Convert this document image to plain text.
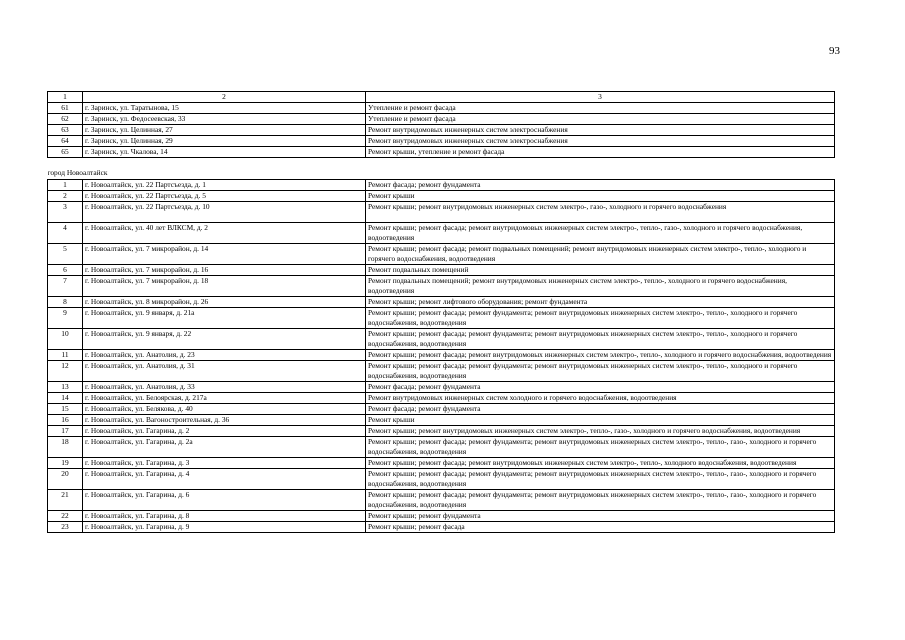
93
1	2	3
61	г. Заринск, ул. Таратынова, 15	Утепление и ремонт фасада
62	г. Заринск, ул. Федосеевская, 33	Утепление и ремонт фасада
63	г. Заринск, ул. Целинная, 27	Ремонт внутридомовых инженерных систем электроснабжения
64	г. Заринск, ул. Целинная, 29	Ремонт внутридомовых инженерных систем электроснабжения
65	г. Заринск, ул. Чкалова, 14	Ремонт крыши, утепление и ремонт фасада

город Новоалтайск		
1	г. Новоалтайск, ул. 22 Партсъезда, д. 1	Ремонт фасада; ремонт фундамента
2	г. Новоалтайск, ул. 22 Партсъезда, д. 5	Ремонт крыши
3	г. Новоалтайск, ул. 22 Партсъезда, д. 10	Ремонт крыши; ремонт внутридомовых инженерных систем электро-, газо-, холодного и горячего водоснабжения
4	г. Новоалтайск, ул. 40 лет ВЛКСМ, д. 2	Ремонт крыши; ремонт фасада; ремонт внутридомовых инженерных систем электро-, тепло-, газо-, холодного и горячего водоснабжения, водоотведения
5	г. Новоалтайск, ул. 7 микрорайон, д. 14	Ремонт крыши; ремонт фасада; ремонт подвальных помещений; ремонт внутридомовых инженерных систем электро-, тепло-, холодного и горячего водоснабжения, водоотведения
6	г. Новоалтайск, ул. 7 микрорайон, д. 16	Ремонт подвальных помещений
7	г. Новоалтайск, ул. 7 микрорайон, д. 18	Ремонт подвальных помещений; ремонт внутридомовых инженерных систем электро-, тепло-, холодного и горячего водоснабжения, водоотведения
8	г. Новоалтайск, ул. 8 микрорайон, д. 26	Ремонт крыши; ремонт лифтового оборудования; ремонт фундамента
9	г. Новоалтайск, ул. 9 января, д. 21а	Ремонт крыши; ремонт фасада; ремонт фундамента; ремонт внутридомовых инженерных систем электро-, тепло-, холодного и горячего водоснабжения, водоотведения
10	г. Новоалтайск, ул. 9 января, д. 22	Ремонт крыши; ремонт фасада; ремонт фундамента; ремонт внутридомовых инженерных систем электро-, тепло-, холодного и горячего водоснабжения, водоотведения
11	г. Новоалтайск, ул. Анатолия, д. 23	Ремонт крыши; ремонт фасада; ремонт внутридомовых инженерных систем электро-, тепло-, холодного и горячего водоснабжения, водоотведения
12	г. Новоалтайск, ул. Анатолия, д. 31	Ремонт крыши; ремонт фасада; ремонт фундамента; ремонт внутридомовых инженерных систем электро-, тепло-, холодного и горячего водоснабжения, водоотведения
13	г. Новоалтайск, ул. Анатолия, д. 33	Ремонт фасада; ремонт фундамента
14	г. Новоалтайск, ул. Белоярская, д. 217а	Ремонт внутридомовых инженерных систем холодного и горячего водоснабжения, водоотведения
15	г. Новоалтайск, ул. Белякова, д. 40	Ремонт фасада; ремонт фундамента
16	г. Новоалтайск, ул. Вагоностроительная, д. 36	Ремонт крыши
17	г. Новоалтайск, ул. Гагарина, д. 2	Ремонт крыши; ремонт внутридомовых инженерных систем электро-, тепло-, газо-, холодного и горячего водоснабжения, водоотведения
18	г. Новоалтайск, ул. Гагарина, д. 2а	Ремонт крыши; ремонт фасада; ремонт фундамента; ремонт внутридомовых инженерных систем электро-, тепло-, газо-, холодного и горячего водоснабжения, водоотведения
19	г. Новоалтайск, ул. Гагарина, д. 3	Ремонт крыши; ремонт фасада; ремонт внутридомовых инженерных систем электро-, тепло-, холодного водоснабжения, водоотведения
20	г. Новоалтайск, ул. Гагарина, д. 4	Ремонт крыши; ремонт фасада; ремонт фундамента; ремонт внутридомовых инженерных систем электро-, тепло-, газо-, холодного и горячего водоснабжения, водоотведения
21	г. Новоалтайск, ул. Гагарина, д. 6	Ремонт крыши; ремонт фасада; ремонт фундамента; ремонт внутридомовых инженерных систем электро-, тепло-, газо-, холодного и горячего водоснабжения, водоотведения
22	г. Новоалтайск, ул. Гагарина, д. 8	Ремонт крыши; ремонт фундамента
23	г. Новоалтайск, ул. Гагарина, д. 9	Ремонт крыши; ремонт фасада
